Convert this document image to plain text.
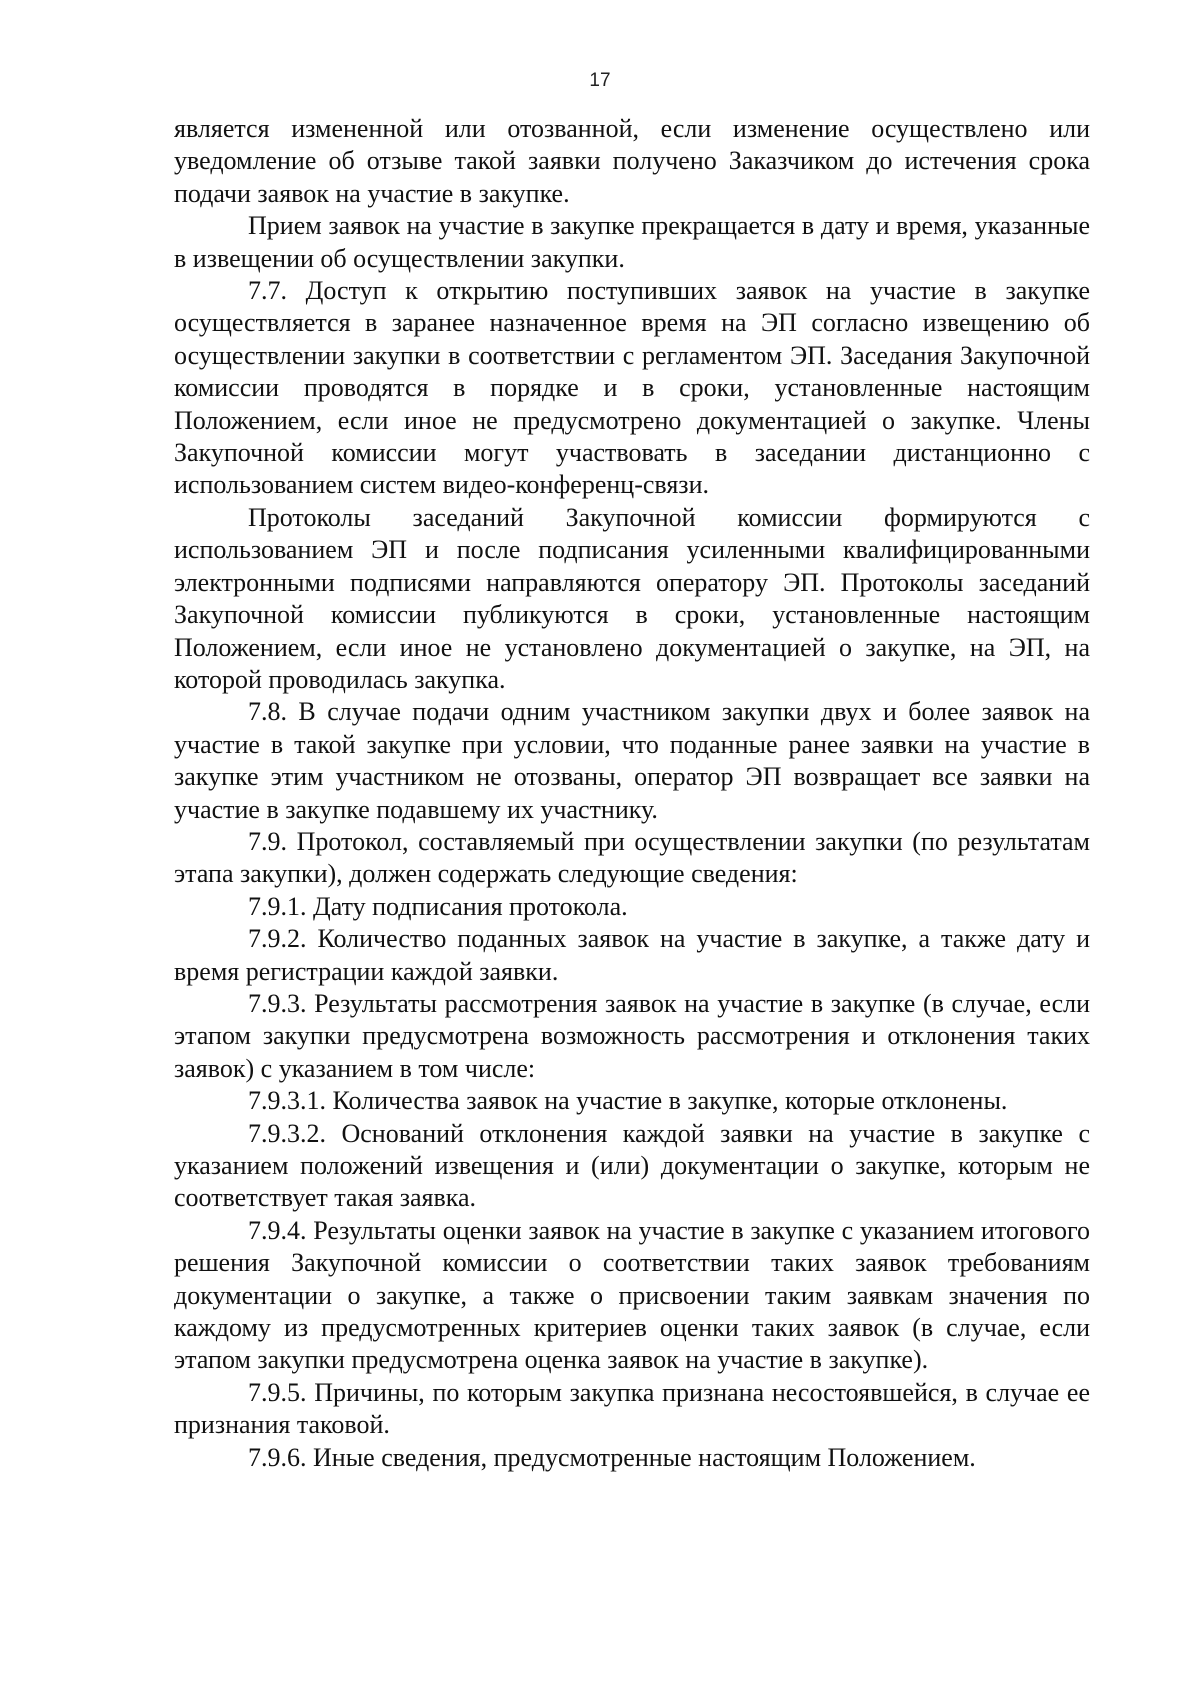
17

является измененной или отозванной, если изменение осуществлено или уведомление об отзыве такой заявки получено Заказчиком до истечения срока подачи заявок на участие в закупке.

Прием заявок на участие в закупке прекращается в дату и время, указанные в извещении об осуществлении закупки.

7.7. Доступ к открытию поступивших заявок на участие в закупке осуществляется в заранее назначенное время на ЭП согласно извещению об осуществлении закупки в соответствии с регламентом ЭП. Заседания Закупочной комиссии проводятся в порядке и в сроки, установленные настоящим Положением, если иное не предусмотрено документацией о закупке. Члены Закупочной комиссии могут участвовать в заседании дистанционно с использованием систем видео-конференц-связи.

Протоколы заседаний Закупочной комиссии формируются с использованием ЭП и после подписания усиленными квалифицированными электронными подписями направляются оператору ЭП. Протоколы заседаний Закупочной комиссии публикуются в сроки, установленные настоящим Положением, если иное не установлено документацией о закупке, на ЭП, на которой проводилась закупка.

7.8. В случае подачи одним участником закупки двух и более заявок на участие в такой закупке при условии, что поданные ранее заявки на участие в закупке этим участником не отозваны, оператор ЭП возвращает все заявки на участие в закупке подавшему их участнику.

7.9. Протокол, составляемый при осуществлении закупки (по результатам этапа закупки), должен содержать следующие сведения:

7.9.1. Дату подписания протокола.

7.9.2. Количество поданных заявок на участие в закупке, а также дату и время регистрации каждой заявки.

7.9.3. Результаты рассмотрения заявок на участие в закупке (в случае, если этапом закупки предусмотрена возможность рассмотрения и отклонения таких заявок) с указанием в том числе:

7.9.3.1. Количества заявок на участие в закупке, которые отклонены.

7.9.3.2. Оснований отклонения каждой заявки на участие в закупке с указанием положений извещения и (или) документации о закупке, которым не соответствует такая заявка.

7.9.4. Результаты оценки заявок на участие в закупке с указанием итогового решения Закупочной комиссии о соответствии таких заявок требованиям документации о закупке, а также о присвоении таким заявкам значения по каждому из предусмотренных критериев оценки таких заявок (в случае, если этапом закупки предусмотрена оценка заявок на участие в закупке).

7.9.5. Причины, по которым закупка признана несостоявшейся, в случае ее признания таковой.

7.9.6. Иные сведения, предусмотренные настоящим Положением.
